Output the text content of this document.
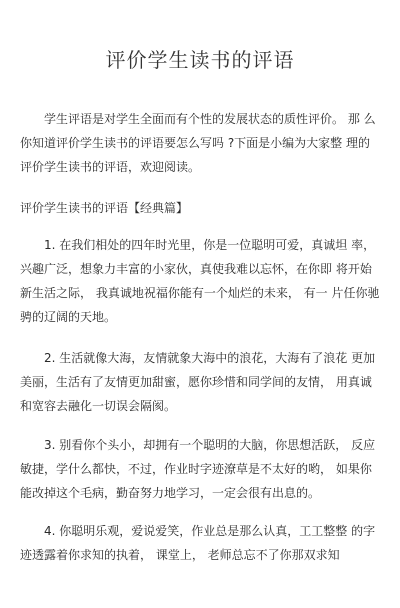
评价学生读书的评语
学生评语是对学生全面而有个性的发展状态的质性评价。 那 么你知道评价学生读书的评语要怎么写吗 ?下面是小编为大家整 理的评价学生读书的评语，欢迎阅读。
评价学生读书的评语【经典篇】
1. 在我们相处的四年时光里，你是一位聪明可爱，真诚坦 率，兴趣广泛，想象力丰富的小家伙，真使我难以忘怀，在你即 将开始新生活之际， 我真诚地祝福你能有一个灿烂的未来， 有一 片任你驰骋的辽阔的天地。
2. 生活就像大海，友情就象大海中的浪花，大海有了浪花 更加美丽，生活有了友情更加甜蜜，愿你珍惜和同学间的友情， 用真诚和宽容去融化一切误会隔阂。
3. 别看你个头小，却拥有一个聪明的大脑，你思想活跃， 反应敏捷，学什么都快，不过，作业时字迹潦草是不太好的哟， 如果你能改掉这个毛病，勤奋努力地学习，一定会很有出息的。
4. 你聪明乐观，爱说爱笑，作业总是那么认真，工工整整 的字迹透露着你求知的执着， 课堂上， 老师总忘不了你那双求知
